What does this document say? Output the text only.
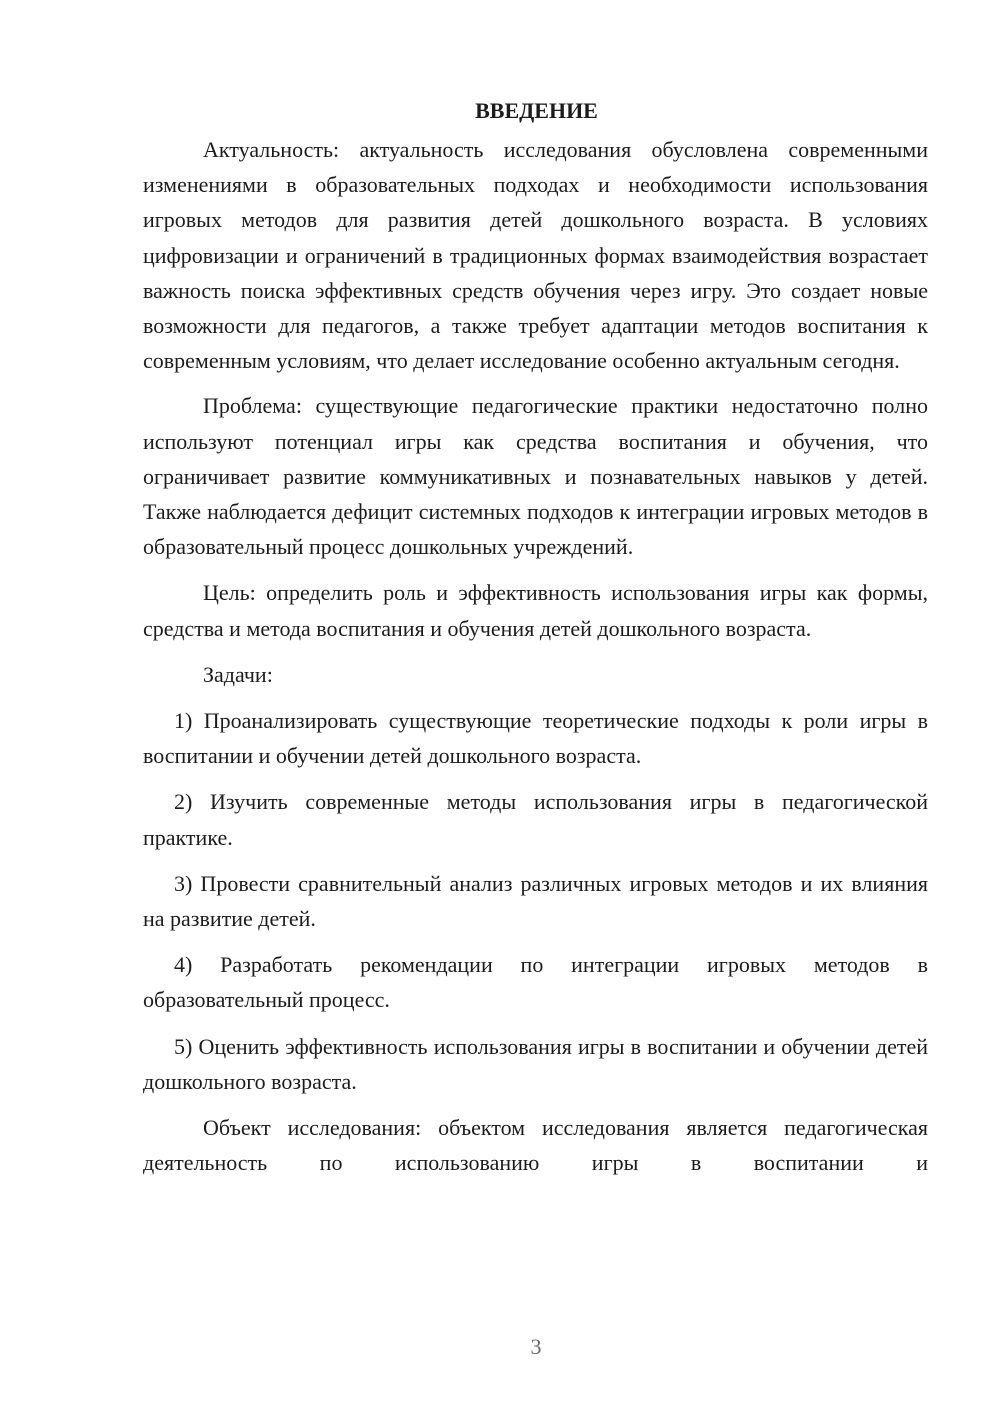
ВВЕДЕНИЕ

Актуальность: актуальность исследования обусловлена современными изменениями в образовательных подходах и необходимости использования игровых методов для развития детей дошкольного возраста. В условиях цифровизации и ограничений в традиционных формах взаимодействия возрастает важность поиска эффективных средств обучения через игру. Это создает новые возможности для педагогов, а также требует адаптации методов воспитания к современным условиям, что делает исследование особенно актуальным сегодня.

Проблема: существующие педагогические практики недостаточно полно используют потенциал игры как средства воспитания и обучения, что ограничивает развитие коммуникативных и познавательных навыков у детей. Также наблюдается дефицит системных подходов к интеграции игровых методов в образовательный процесс дошкольных учреждений.

Цель: определить роль и эффективность использования игры как формы, средства и метода воспитания и обучения детей дошкольного возраста.

Задачи:

1) Проанализировать существующие теоретические подходы к роли игры в воспитании и обучении детей дошкольного возраста.

2) Изучить современные методы использования игры в педагогической практике.

3) Провести сравнительный анализ различных игровых методов и их влияния на развитие детей.

4) Разработать рекомендации по интеграции игровых методов в образовательный процесс.

5) Оценить эффективность использования игры в воспитании и обучении детей дошкольного возраста.

Объект исследования: объектом исследования является педагогическая деятельность по использованию игры в воспитании и

3
